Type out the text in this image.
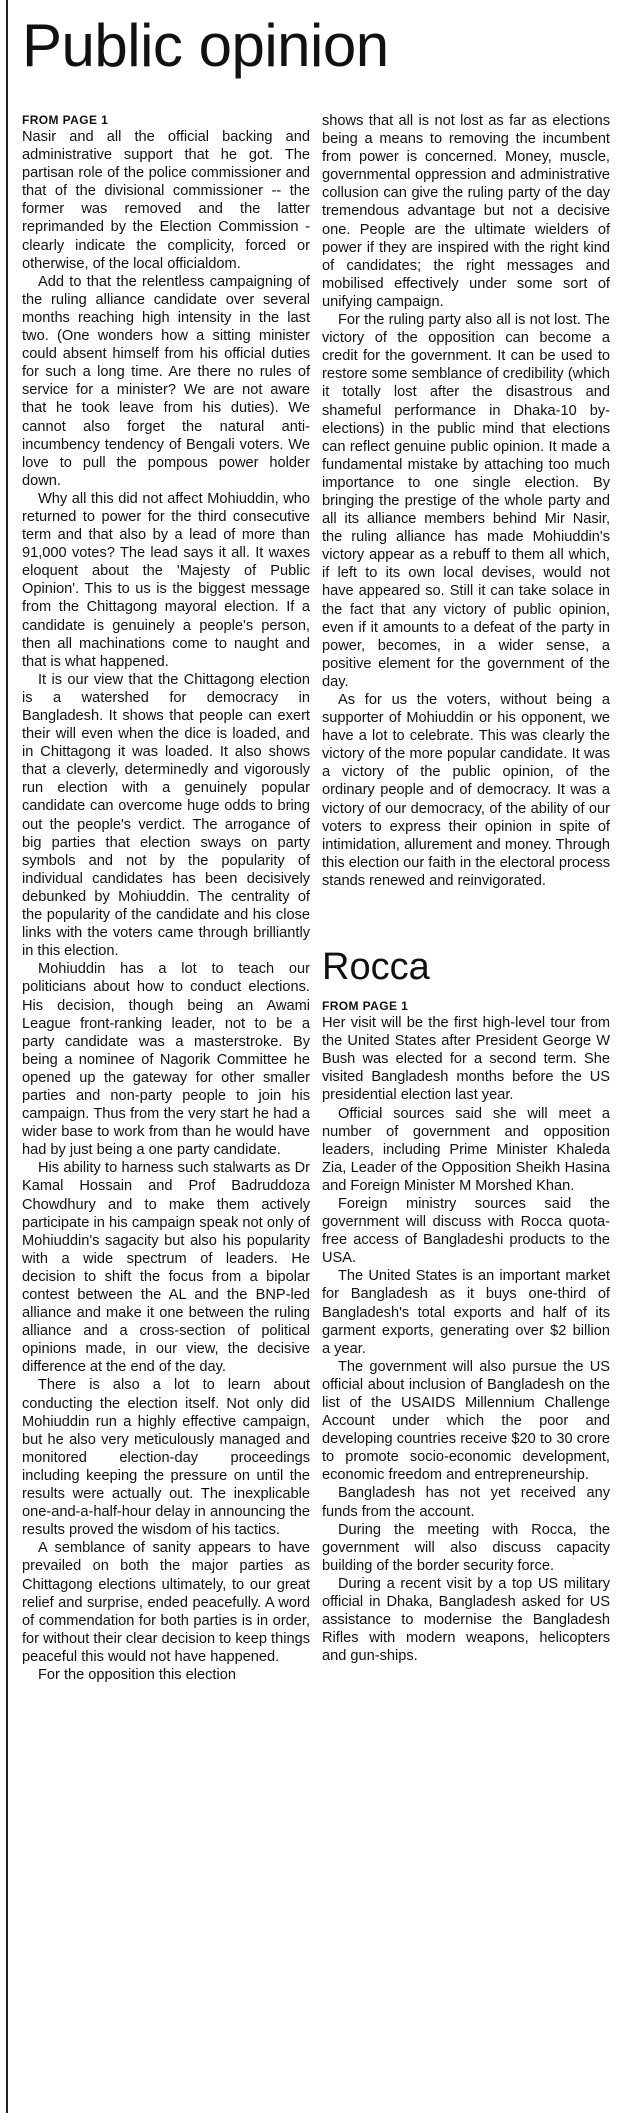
Public opinion
FROM PAGE 1

Nasir and all the official backing and administrative support that he got. The partisan role of the police commissioner and that of the divisional commissioner -- the former was removed and the latter reprimanded by the Election Commission - clearly indicate the complicity, forced or otherwise, of the local officialdom.

Add to that the relentless campaigning of the ruling alliance candidate over several months reaching high intensity in the last two. (One wonders how a sitting minister could absent himself from his official duties for such a long time. Are there no rules of service for a minister? We are not aware that he took leave from his duties). We cannot also forget the natural anti-incumbency tendency of Bengali voters. We love to pull the pompous power holder down.

Why all this did not affect Mohiuddin, who returned to power for the third consecutive term and that also by a lead of more than 91,000 votes? The lead says it all. It waxes eloquent about the 'Majesty of Public Opinion'. This to us is the biggest message from the Chittagong mayoral election. If a candidate is genuinely a people's person, then all machinations come to naught and that is what happened.

It is our view that the Chittagong election is a watershed for democracy in Bangladesh. It shows that people can exert their will even when the dice is loaded, and in Chittagong it was loaded. It also shows that a cleverly, determinedly and vigorously run election with a genuinely popular candidate can overcome huge odds to bring out the people's verdict. The arrogance of big parties that election sways on party symbols and not by the popularity of individual candidates has been decisively debunked by Mohiuddin. The centrality of the popularity of the candidate and his close links with the voters came through brilliantly in this election.

Mohiuddin has a lot to teach our politicians about how to conduct elections. His decision, though being an Awami League front-ranking leader, not to be a party candidate was a masterstroke. By being a nominee of Nagorik Committee he opened up the gateway for other smaller parties and non-party people to join his campaign. Thus from the very start he had a wider base to work from than he would have had by just being a one party candidate.

His ability to harness such stalwarts as Dr Kamal Hossain and Prof Badruddoza Chowdhury and to make them actively participate in his campaign speak not only of Mohiuddin's sagacity but also his popularity with a wide spectrum of leaders. He decision to shift the focus from a bipolar contest between the AL and the BNP-led alliance and make it one between the ruling alliance and a cross-section of political opinions made, in our view, the decisive difference at the end of the day.

There is also a lot to learn about conducting the election itself. Not only did Mohiuddin run a highly effective campaign, but he also very meticulously managed and monitored election-day proceedings including keeping the pressure on until the results were actually out. The inexplicable one-and-a-half-hour delay in announcing the results proved the wisdom of his tactics.

A semblance of sanity appears to have prevailed on both the major parties as Chittagong elections ultimately, to our great relief and surprise, ended peacefully. A word of commendation for both parties is in order, for without their clear decision to keep things peaceful this would not have happened.

For the opposition this election

shows that all is not lost as far as elections being a means to removing the incumbent from power is concerned. Money, muscle, governmental oppression and administrative collusion can give the ruling party of the day tremendous advantage but not a decisive one. People are the ultimate wielders of power if they are inspired with the right kind of candidates; the right messages and mobilised effectively under some sort of unifying campaign.

For the ruling party also all is not lost. The victory of the opposition can become a credit for the government. It can be used to restore some semblance of credibility (which it totally lost after the disastrous and shameful performance in Dhaka-10 by-elections) in the public mind that elections can reflect genuine public opinion. It made a fundamental mistake by attaching too much importance to one single election. By bringing the prestige of the whole party and all its alliance members behind Mir Nasir, the ruling alliance has made Mohiuddin's victory appear as a rebuff to them all which, if left to its own local devises, would not have appeared so. Still it can take solace in the fact that any victory of public opinion, even if it amounts to a defeat of the party in power, becomes, in a wider sense, a positive element for the government of the day.

As for us the voters, without being a supporter of Mohiuddin or his opponent, we have a lot to celebrate. This was clearly the victory of the more popular candidate. It was a victory of the public opinion, of the ordinary people and of democracy. It was a victory of our democracy, of the ability of our voters to express their opinion in spite of intimidation, allurement and money. Through this election our faith in the electoral process stands renewed and reinvigorated.

Rocca
FROM PAGE 1

Her visit will be the first high-level tour from the United States after President George W Bush was elected for a second term. She visited Bangladesh months before the US presidential election last year.

Official sources said she will meet a number of government and opposition leaders, including Prime Minister Khaleda Zia, Leader of the Opposition Sheikh Hasina and Foreign Minister M Morshed Khan.

Foreign ministry sources said the government will discuss with Rocca quota-free access of Bangladeshi products to the USA.

The United States is an important market for Bangladesh as it buys one-third of Bangladesh's total exports and half of its garment exports, generating over $2 billion a year.

The government will also pursue the US official about inclusion of Bangladesh on the list of the USAIDS Millennium Challenge Account under which the poor and developing countries receive $20 to 30 crore to promote socio-economic development, economic freedom and entrepreneurship.

Bangladesh has not yet received any funds from the account.

During the meeting with Rocca, the government will also discuss capacity building of the border security force.

During a recent visit by a top US military official in Dhaka, Bangladesh asked for US assistance to modernise the Bangladesh Rifles with modern weapons, helicopters and gun-ships.
